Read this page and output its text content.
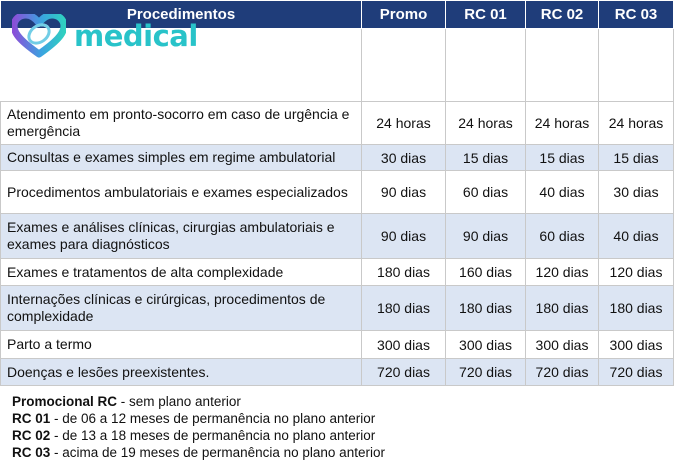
Procedimentos	Promo	RC 01	RC 02	RC 03
Atendimento em pronto-socorro em caso de urgência e emergência	24 horas	24 horas	24 horas	24 horas
Consultas e exames simples em regime ambulatorial	30 dias	15 dias	15 dias	15 dias
Procedimentos ambulatoriais e exames especializados	90 dias	60 dias	40 dias	30 dias
Exames e análises clínicas, cirurgias ambulatoriais e exames para diagnósticos	90 dias	90 dias	60 dias	40 dias
Exames e tratamentos de alta complexidade	180 dias	160 dias	120 dias	120 dias
Internações clínicas e cirúrgicas, procedimentos de complexidade	180 dias	180 dias	180 dias	180 dias
Parto a termo	300 dias	300 dias	300 dias	300 dias
Doenças e lesões preexistentes.	720 dias	720 dias	720 dias	720 dias
medical
Promocional RC - sem plano anterior
RC 01 - de 06 a 12 meses de permanência no plano anterior
RC 02 - de 13 a 18 meses de permanência no plano anterior
RC 03 - acima de 19 meses de permanência no plano anterior
